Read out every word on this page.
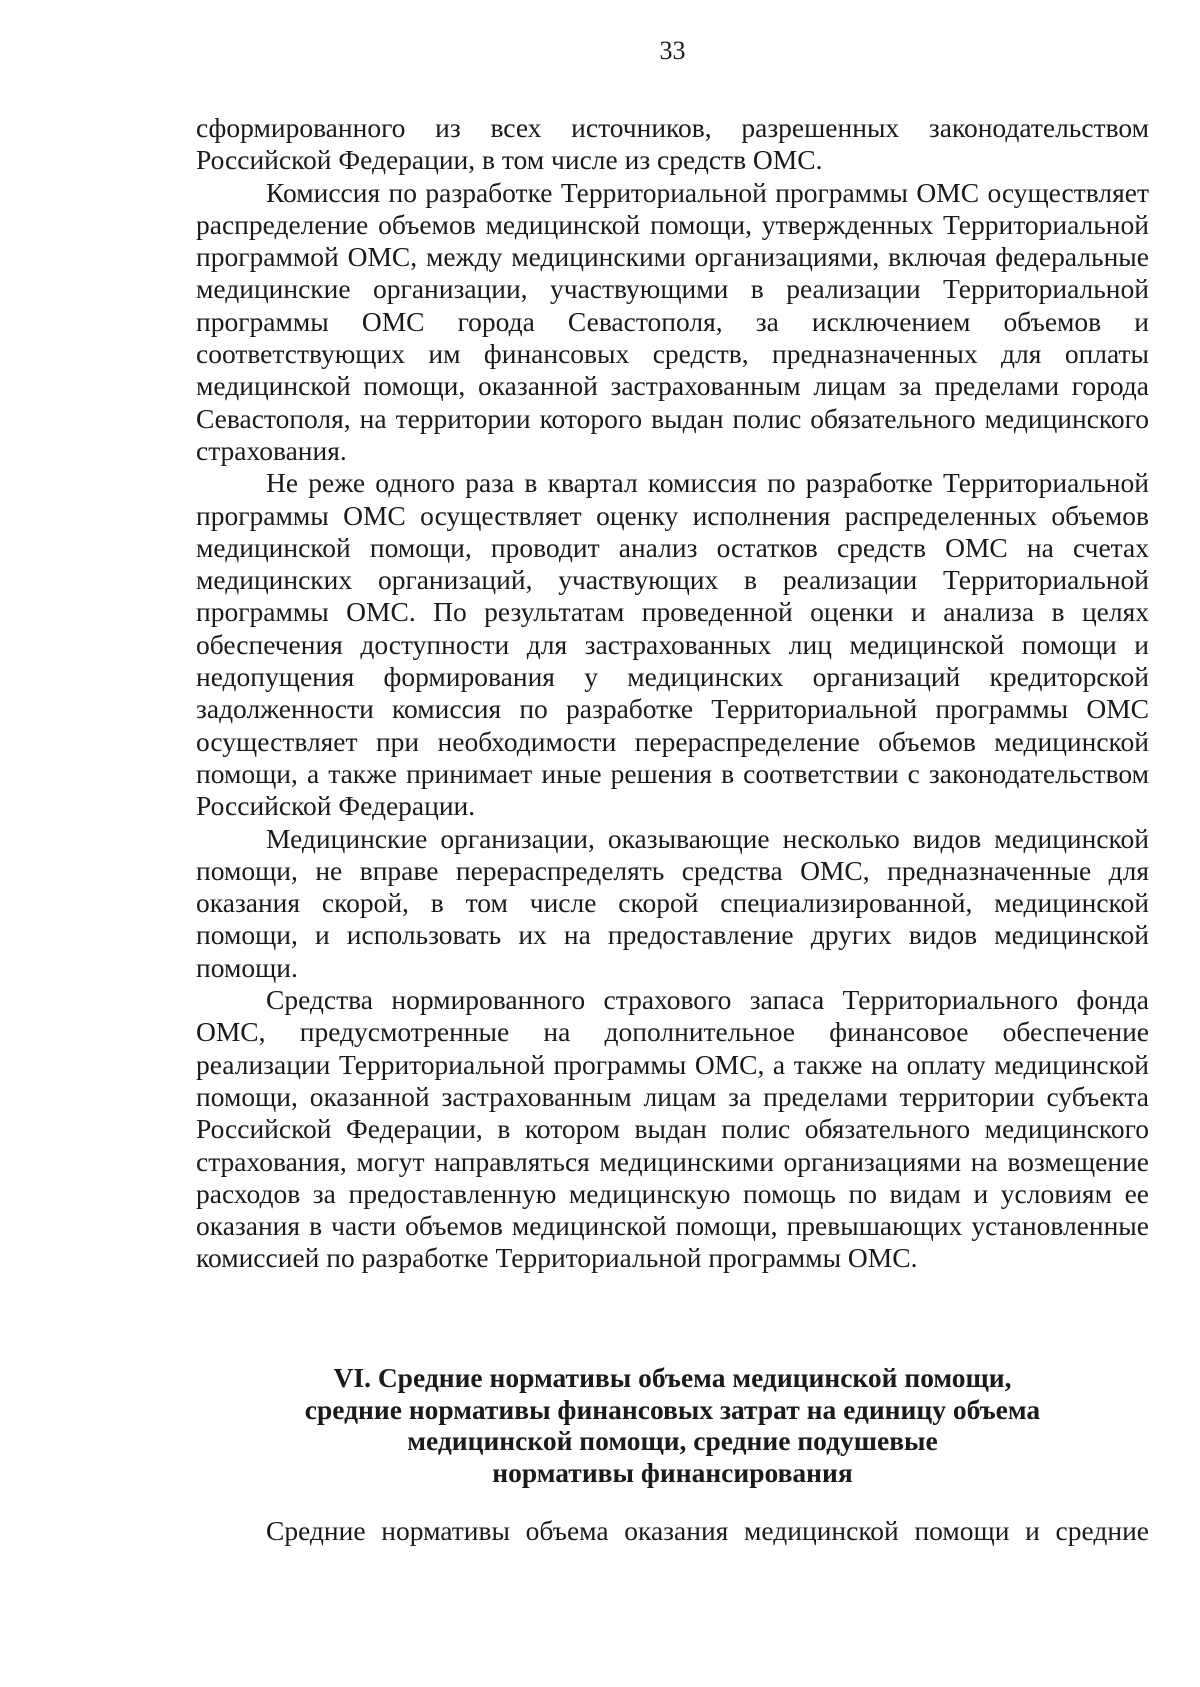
33

сформированного из всех источников, разрешенных законодательством Российской Федерации, в том числе из средств ОМС.

Комиссия по разработке Территориальной программы ОМС осуществляет распределение объемов медицинской помощи, утвержденных Территориальной программой ОМС, между медицинскими организациями, включая федеральные медицинские организации, участвующими в реализации Территориальной программы ОМС города Севастополя, за исключением объемов и соответствующих им финансовых средств, предназначенных для оплаты медицинской помощи, оказанной застрахованным лицам за пределами города Севастополя, на территории которого выдан полис обязательного медицинского страхования.

Не реже одного раза в квартал комиссия по разработке Территориальной программы ОМС осуществляет оценку исполнения распределенных объемов медицинской помощи, проводит анализ остатков средств ОМС на счетах медицинских организаций, участвующих в реализации Территориальной программы ОМС. По результатам проведенной оценки и анализа в целях обеспечения доступности для застрахованных лиц медицинской помощи и недопущения формирования у медицинских организаций кредиторской задолженности комиссия по разработке Территориальной программы ОМС осуществляет при необходимости перераспределение объемов медицинской помощи, а также принимает иные решения в соответствии с законодательством Российской Федерации.

Медицинские организации, оказывающие несколько видов медицинской помощи, не вправе перераспределять средства ОМС, предназначенные для оказания скорой, в том числе скорой специализированной, медицинской помощи, и использовать их на предоставление других видов медицинской помощи.

Средства нормированного страхового запаса Территориального фонда ОМС, предусмотренные на дополнительное финансовое обеспечение реализации Территориальной программы ОМС, а также на оплату медицинской помощи, оказанной застрахованным лицам за пределами территории субъекта Российской Федерации, в котором выдан полис обязательного медицинского страхования, могут направляться медицинскими организациями на возмещение расходов за предоставленную медицинскую помощь по видам и условиям ее оказания в части объемов медицинской помощи, превышающих установленные комиссией по разработке Территориальной программы ОМС.

VI. Средние нормативы объема медицинской помощи,
средние нормативы финансовых затрат на единицу объема
медицинской помощи, средние подушевые
нормативы финансирования

Средние нормативы объема оказания медицинской помощи и средние
